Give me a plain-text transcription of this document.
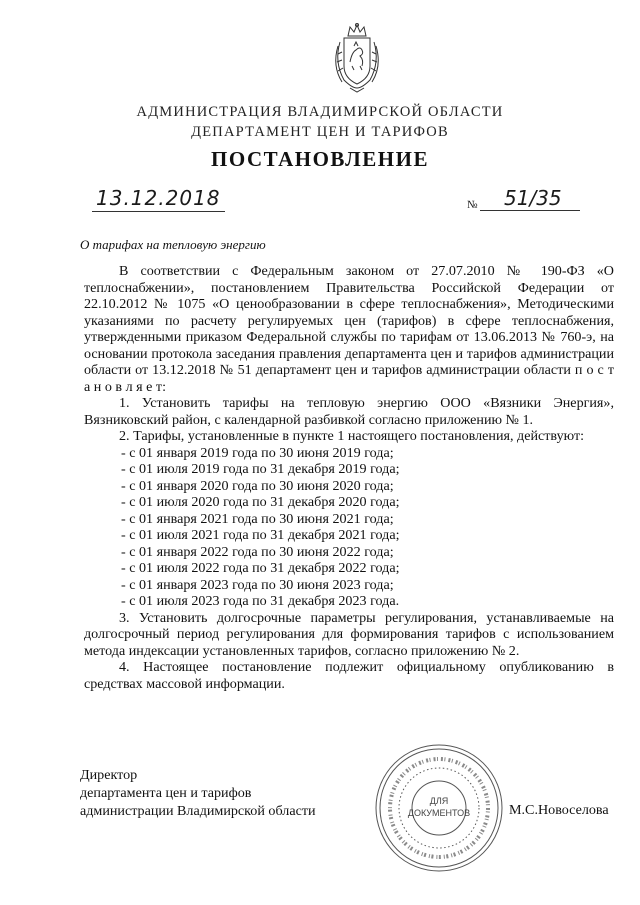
АДМИНИСТРАЦИЯ ВЛАДИМИРСКОЙ ОБЛАСТИ
ДЕПАРТАМЕНТ ЦЕН И ТАРИФОВ
ПОСТАНОВЛЕНИЕ
13.12.2018	№	51/35
О тарифах на тепловую энергию

В соответствии с Федеральным законом от 27.07.2010 № 190-ФЗ «О теплоснабжении», постановлением Правительства Российской Федерации от 22.10.2012 № 1075 «О ценообразовании в сфере теплоснабжения», Методическими указаниями по расчету регулируемых цен (тарифов) в сфере теплоснабжения, утвержденными приказом Федеральной службы по тарифам от 13.06.2013 № 760-э, на основании протокола заседания правления департамента цен и тарифов администрации области от 13.12.2018 № 51 департамент цен и тарифов администрации области п о с т а н о в л я е т:

1. Установить тарифы на тепловую энергию ООО «Вязники Энергия», Вязниковский район, с календарной разбивкой согласно приложению № 1.

2. Тарифы, установленные в пункте 1 настоящего постановления, действуют:

- с 01 января 2019 года по 30 июня 2019 года;

- с 01 июля 2019 года по 31 декабря 2019 года;

- с 01 января 2020 года по 30 июня 2020 года;

- с 01 июля 2020 года по 31 декабря 2020 года;

- с 01 января 2021 года по 30 июня 2021 года;

- с 01 июля 2021 года по 31 декабря 2021 года;

- с 01 января 2022 года по 30 июня 2022 года;

- с 01 июля 2022 года по 31 декабря 2022 года;

- с 01 января 2023 года по 30 июня 2023 года;

- с 01 июля 2023 года по 31 декабря 2023 года.

3. Установить долгосрочные параметры регулирования, устанавливаемые на долгосрочный период регулирования для формирования тарифов с использованием метода индексации установленных тарифов, согласно приложению № 2.

4. Настоящее постановление подлежит официальному опубликованию в средствах массовой информации.

Директор
департамента цен и тарифов
администрации Владимирской области	М.С.Новоселова
ДЛЯ
ДОКУМЕНТОВ
